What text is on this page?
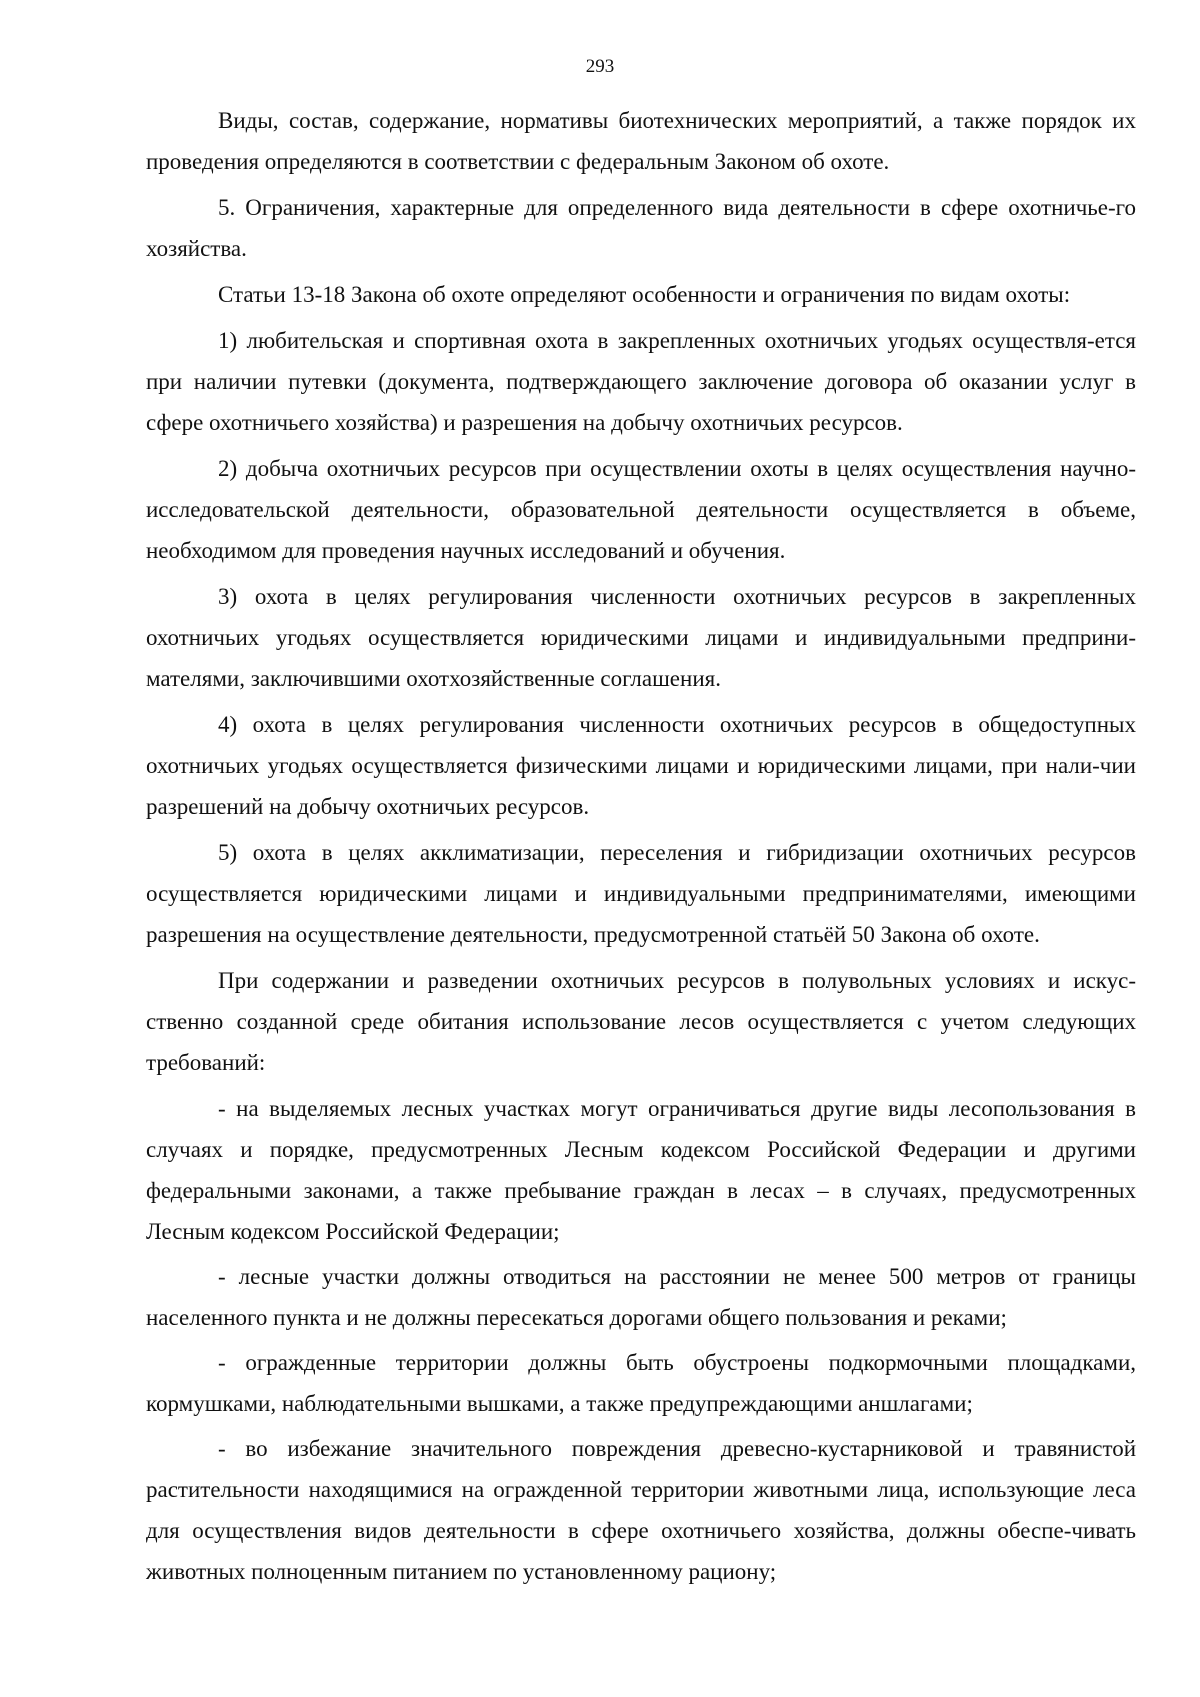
293

Виды, состав, содержание, нормативы биотехнических мероприятий, а также порядок их проведения определяются в соответствии с федеральным Законом об охоте.

5. Ограничения, характерные для определенного вида деятельности в сфере охотничье-го хозяйства.

Статьи 13-18 Закона об охоте определяют особенности и ограничения по видам охоты:

1) любительская и спортивная охота в закрепленных охотничьих угодьях осуществля-ется при наличии путевки (документа, подтверждающего заключение договора об оказании услуг в сфере охотничьего хозяйства) и разрешения на добычу охотничьих ресурсов.

2) добыча охотничьих ресурсов при осуществлении охоты в целях осуществления научно-исследовательской деятельности, образовательной деятельности осуществляется в объеме, необходимом для проведения научных исследований и обучения.

3) охота в целях регулирования численности охотничьих ресурсов в закрепленных охотничьих угодьях осуществляется юридическими лицами и индивидуальными предприни-мателями, заключившими охотхозяйственные соглашения.

4) охота в целях регулирования численности охотничьих ресурсов в общедоступных охотничьих угодьях осуществляется физическими лицами и юридическими лицами, при нали-чии разрешений на добычу охотничьих ресурсов.

5) охота в целях акклиматизации, переселения и гибридизации охотничьих ресурсов осуществляется юридическими лицами и индивидуальными предпринимателями, имеющими разрешения на осуществление деятельности, предусмотренной статьёй 50 Закона об охоте.

При содержании и разведении охотничьих ресурсов в полувольных условиях и искус-ственно созданной среде обитания использование лесов осуществляется с учетом следующих требований:

- на выделяемых лесных участках могут ограничиваться другие виды лесопользования в случаях и порядке, предусмотренных Лесным кодексом Российской Федерации и другими федеральными законами, а также пребывание граждан в лесах – в случаях, предусмотренных Лесным кодексом Российской Федерации;

- лесные участки должны отводиться на расстоянии не менее 500 метров от границы населенного пункта и не должны пересекаться дорогами общего пользования и реками;

- огражденные территории должны быть обустроены подкормочными площадками, кормушками, наблюдательными вышками, а также предупреждающими аншлагами;

- во избежание значительного повреждения древесно-кустарниковой и травянистой растительности находящимися на огражденной территории животными лица, использующие леса для осуществления видов деятельности в сфере охотничьего хозяйства, должны обеспе-чивать животных полноценным питанием по установленному рациону;
